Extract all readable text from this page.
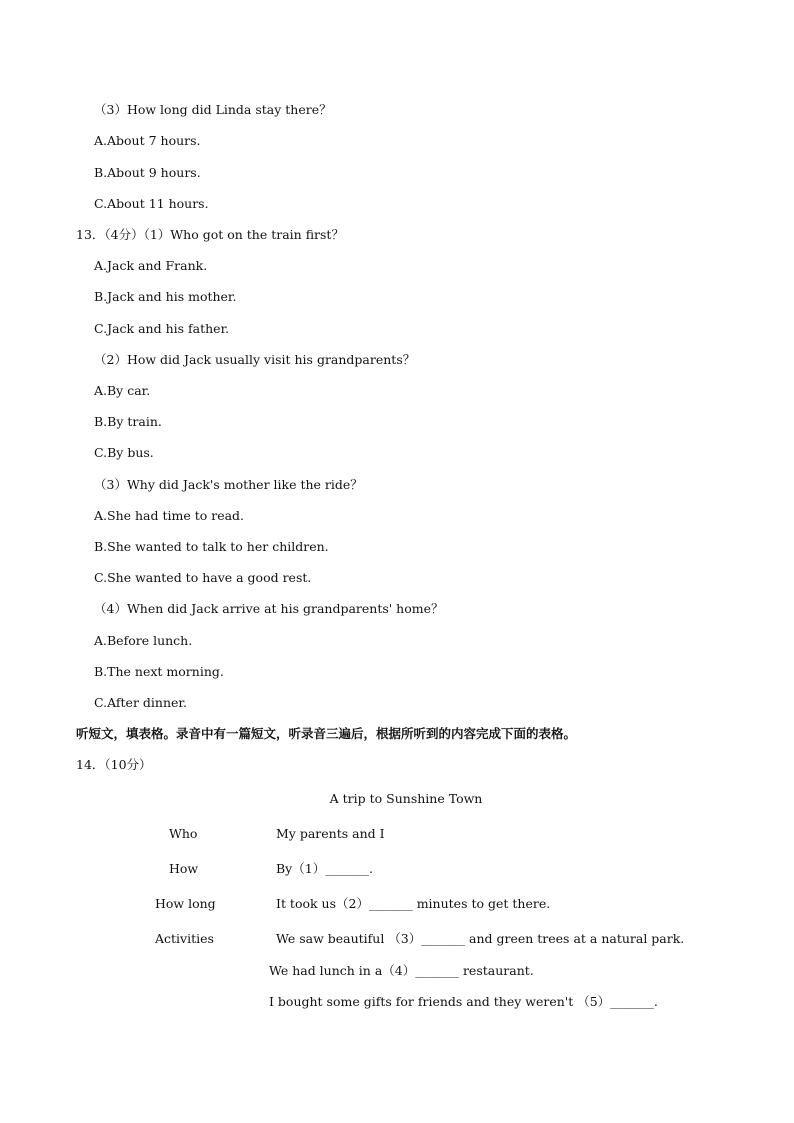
（3）How long did Linda stay there？
A.About 7 hours.
B.About 9 hours.
C.About 11 hours.
13．（4分）（1）Who got on the train first？
A.Jack and Frank.
B.Jack and his mother.
C.Jack and his father.
（2）How did Jack usually visit his grandparents？
A.By car.
B.By train.
C.By bus.
（3）Why did Jack's mother like the ride？
A.She had time to read.
B.She wanted to talk to her children.
C.She wanted to have a good rest.
（4）When did Jack arrive at his grandparents' home？
A.Before lunch.
B.The next morning.
C.After dinner.
听短文，填表格。录音中有一篇短文，听录音三遍后，根据所听到的内容完成下面的表格。
14．（10分）
A trip to Sunshine Town
Who	My parents and I
How	By（1）_______.
How long	It took us（2）_______ minutes to get there.
Activities	We saw beautiful （3）_______ and green trees at a natural park.
We had lunch in a（4）_______ restaurant.
I bought some gifts for friends and they weren't （5）_______.
